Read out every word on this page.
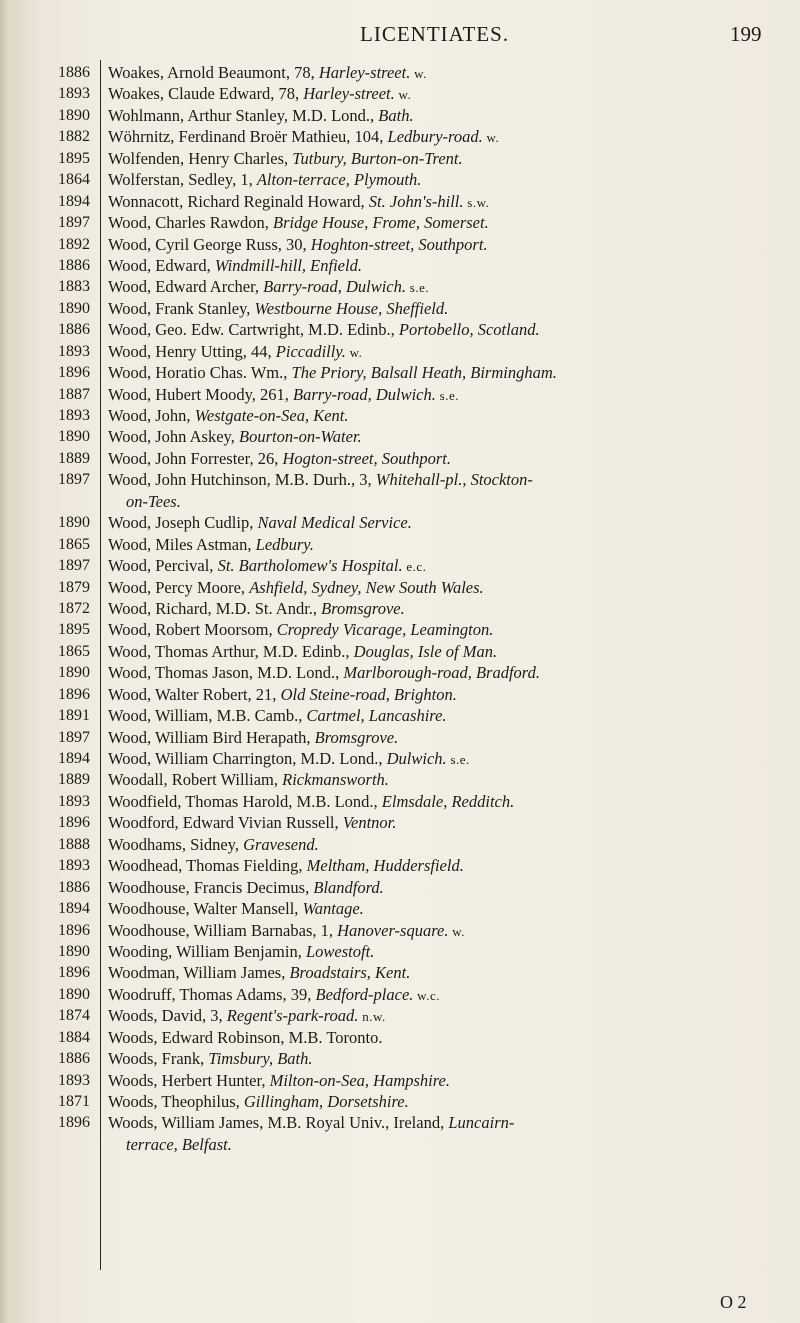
LICENTIATES.	199
1886
1893
1890
1882
1895
1864
1894
1897
1892
1886
1883
1890
1886
1893
1896
1887
1893
1890
1889
1897
1890
1865
1897
1879
1872
1895
1865
1890
1896
1891
1897
1894
1889
1893
1896
1888
1893
1886
1894
1896
1890
1896
1890
1874
1884
1886
1893
1871
1896
Woakes, Arnold Beaumont, 78, Harley-street. w.
Woakes, Claude Edward, 78, Harley-street. w.
Wohlmann, Arthur Stanley, M.D. Lond., Bath.
Wöhrnitz, Ferdinand Broër Mathieu, 104, Ledbury-road. w.
Wolfenden, Henry Charles, Tutbury, Burton-on-Trent.
Wolferstan, Sedley, 1, Alton-terrace, Plymouth.
Wonnacott, Richard Reginald Howard, St. John's-hill. s.w.
Wood, Charles Rawdon, Bridge House, Frome, Somerset.
Wood, Cyril George Russ, 30, Hoghton-street, Southport.
Wood, Edward, Windmill-hill, Enfield.
Wood, Edward Archer, Barry-road, Dulwich. s.e.
Wood, Frank Stanley, Westbourne House, Sheffield.
Wood, Geo. Edw. Cartwright, M.D. Edinb., Portobello, Scotland.
Wood, Henry Utting, 44, Piccadilly. w.
Wood, Horatio Chas. Wm., The Priory, Balsall Heath, Birmingham.
Wood, Hubert Moody, 261, Barry-road, Dulwich. s.e.
Wood, John, Westgate-on-Sea, Kent.
Wood, John Askey, Bourton-on-Water.
Wood, John Forrester, 26, Hogton-street, Southport.
Wood, John Hutchinson, M.B. Durh., 3, Whitehall-pl., Stockton-
on-Tees.
Wood, Joseph Cudlip, Naval Medical Service.
Wood, Miles Astman, Ledbury.
Wood, Percival, St. Bartholomew's Hospital. e.c.
Wood, Percy Moore, Ashfield, Sydney, New South Wales.
Wood, Richard, M.D. St. Andr., Bromsgrove.
Wood, Robert Moorsom, Cropredy Vicarage, Leamington.
Wood, Thomas Arthur, M.D. Edinb., Douglas, Isle of Man.
Wood, Thomas Jason, M.D. Lond., Marlborough-road, Bradford.
Wood, Walter Robert, 21, Old Steine-road, Brighton.
Wood, William, M.B. Camb., Cartmel, Lancashire.
Wood, William Bird Herapath, Bromsgrove.
Wood, William Charrington, M.D. Lond., Dulwich. s.e.
Woodall, Robert William, Rickmansworth.
Woodfield, Thomas Harold, M.B. Lond., Elmsdale, Redditch.
Woodford, Edward Vivian Russell, Ventnor.
Woodhams, Sidney, Gravesend.
Woodhead, Thomas Fielding, Meltham, Huddersfield.
Woodhouse, Francis Decimus, Blandford.
Woodhouse, Walter Mansell, Wantage.
Woodhouse, William Barnabas, 1, Hanover-square. w.
Wooding, William Benjamin, Lowestoft.
Woodman, William James, Broadstairs, Kent.
Woodruff, Thomas Adams, 39, Bedford-place. w.c.
Woods, David, 3, Regent's-park-road. n.w.
Woods, Edward Robinson, M.B. Toronto.
Woods, Frank, Timsbury, Bath.
Woods, Herbert Hunter, Milton-on-Sea, Hampshire.
Woods, Theophilus, Gillingham, Dorsetshire.
Woods, William James, M.B. Royal Univ., Ireland, Luncairn-
terrace, Belfast.
O 2
